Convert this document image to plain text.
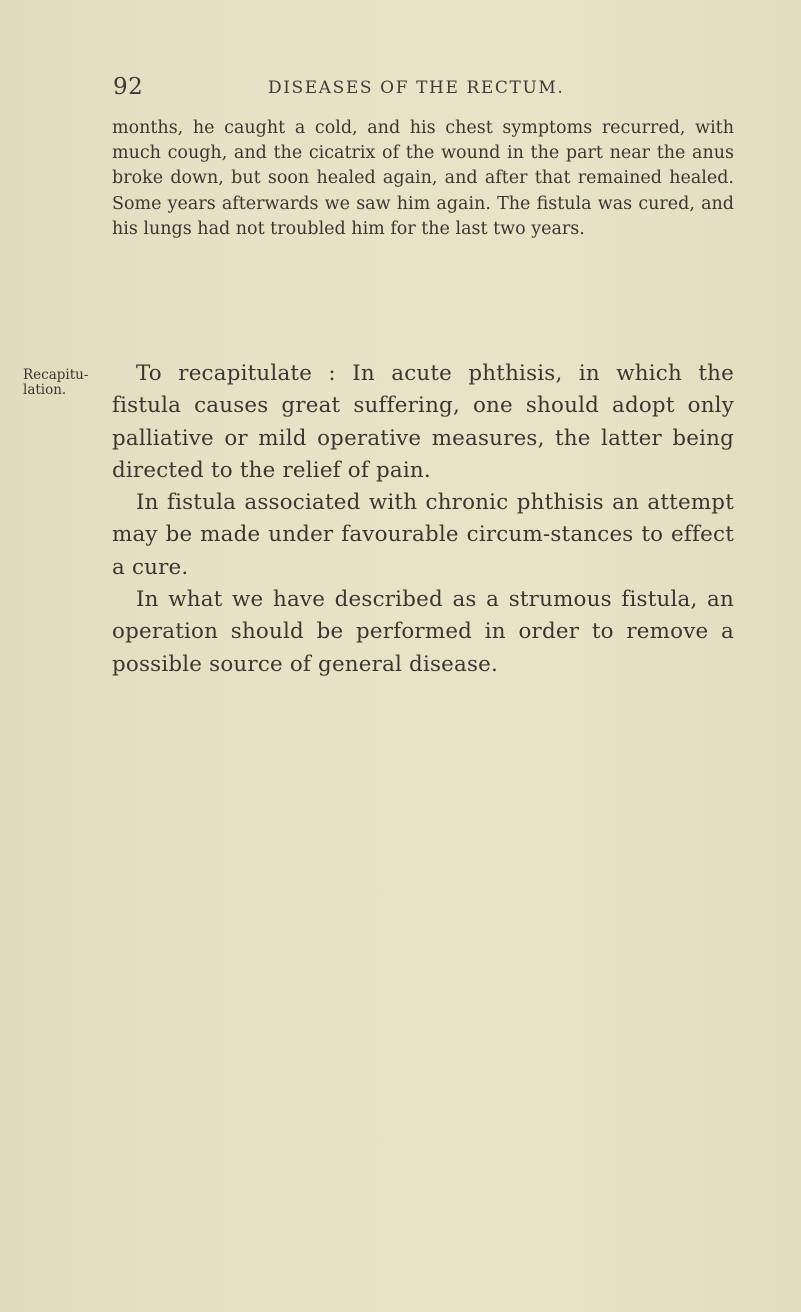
92	DISEASES OF THE RECTUM.

months, he caught a cold, and his chest symptoms recurred, with much cough, and the cicatrix of the wound in the part near the anus broke down, but soon healed again, and after that remained healed. Some years afterwards we saw him again. The fistula was cured, and his lungs had not troubled him for the last two years.

Recapitu-lation.

To recapitulate : In acute phthisis, in which the fistula causes great suffering, one should adopt only palliative or mild operative measures, the latter being directed to the relief of pain.

In fistula associated with chronic phthisis an attempt may be made under favourable circum-stances to effect a cure.

In what we have described as a strumous fistula, an operation should be performed in order to remove a possible source of general disease.
